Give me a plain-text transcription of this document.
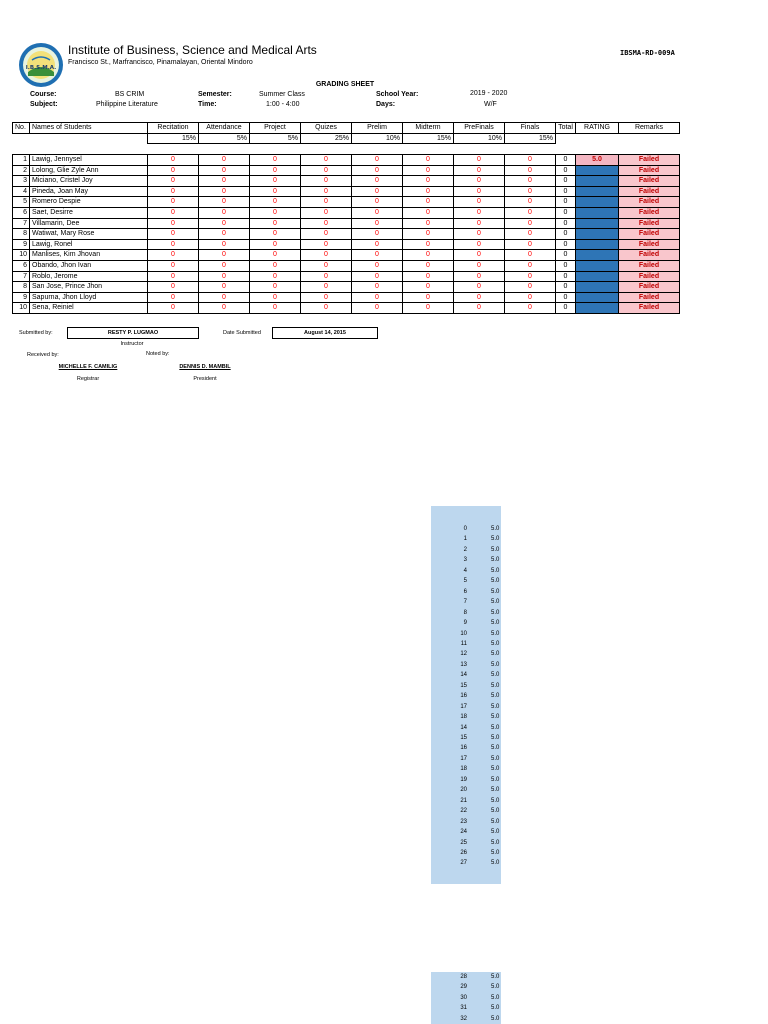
I.B.S.M.A.
Institute of Business, Science and Medical Arts
Francisco St., Marfrancisco, Pinamalayan, Oriental Mindoro
IBSMA-RD-009A
GRADING SHEET
Course:	BS CRIM
Subject:	Philippine Literature
Semester:	Summer Class
Time:	1:00 - 4:00
School Year:	2019 - 2020
Days:	W/F
No.	Names of Students	Recitation	Attendance	Project	Quizes	Prelim	Midterm	PreFinals	Finals	Total	RATING	Remarks
		15%	5%	5%	25%	10%	15%	10%	15%			
1	Lawig, Jennysel	0	0	0	0	0	0	0	0	0	5.0	Failed
2	Lolong, Glie Zyle Ann	0	0	0	0	0	0	0	0	0		Failed
3	Miciano, Cristel Joy	0	0	0	0	0	0	0	0	0		Failed
4	Pineda, Joan May	0	0	0	0	0	0	0	0	0		Failed
5	Romero Despie	0	0	0	0	0	0	0	0	0		Failed
6	Saet, Desirre	0	0	0	0	0	0	0	0	0		Failed
7	Villamarin, Dee	0	0	0	0	0	0	0	0	0		Failed
8	Watiwat, Mary Rose	0	0	0	0	0	0	0	0	0		Failed
9	Lawig, Ronel	0	0	0	0	0	0	0	0	0		Failed
10	Manlises, Kim Jhovan	0	0	0	0	0	0	0	0	0		Failed
6	Obando, Jhon Ivan	0	0	0	0	0	0	0	0	0		Failed
7	Roblo, Jerome	0	0	0	0	0	0	0	0	0		Failed
8	San Jose, Prince Jhon	0	0	0	0	0	0	0	0	0		Failed
9	Sapurna, Jhon Lloyd	0	0	0	0	0	0	0	0	0		Failed
10	Sena, Reiniel	0	0	0	0	0	0	0	0	0		Failed
Submitted by:	RESTY P. LUGMAO
Instructor
Date Submitted	August 14, 2015
Received by:	Noted by:
MICHELLE F. CAMILIG
Registrar
DENNIS D. MAMBIL
President
0	5.0
1	5.0
2	5.0
3	5.0
4	5.0
5	5.0
6	5.0
7	5.0
8	5.0
9	5.0
10	5.0
11	5.0
12	5.0
13	5.0
14	5.0
15	5.0
16	5.0
17	5.0
18	5.0
14	5.0
15	5.0
16	5.0
17	5.0
18	5.0
19	5.0
20	5.0
21	5.0
22	5.0
23	5.0
24	5.0
25	5.0
26	5.0
27	5.0
28	5.0
29	5.0
30	5.0
31	5.0
32	5.0
